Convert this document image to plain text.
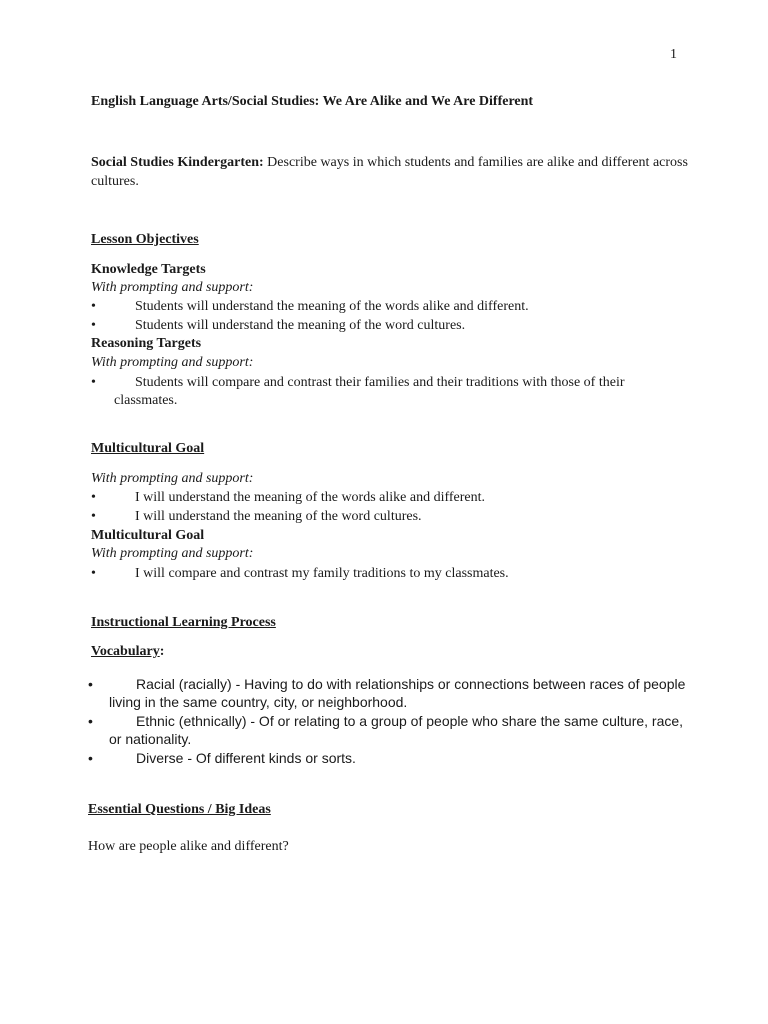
1
English Language Arts/Social Studies: We Are Alike and We Are Different
Social Studies Kindergarten: Describe ways in which students and families are alike and different across cultures.
Lesson Objectives
Knowledge Targets
With prompting and support:
•	Students will understand the meaning of the words alike and different.
•	Students will understand the meaning of the word cultures.
Reasoning Targets
With prompting and support:
•	Students will compare and contrast their families and their traditions with those of their classmates.
Multicultural Goal
With prompting and support:
•	I will understand the meaning of the words alike and different.
•	I will understand the meaning of the word cultures.
Multicultural Goal
With prompting and support:
•	I will compare and contrast my family traditions to my classmates.
Instructional Learning Process
Vocabulary:
•	Racial (racially) - Having to do with relationships or connections between races of people living in the same country, city, or neighborhood.
•	Ethnic (ethnically) - Of or relating to a group of people who share the same culture, race, or nationality.
•	Diverse - Of different kinds or sorts.
Essential Questions / Big Ideas
How are people alike and different?
